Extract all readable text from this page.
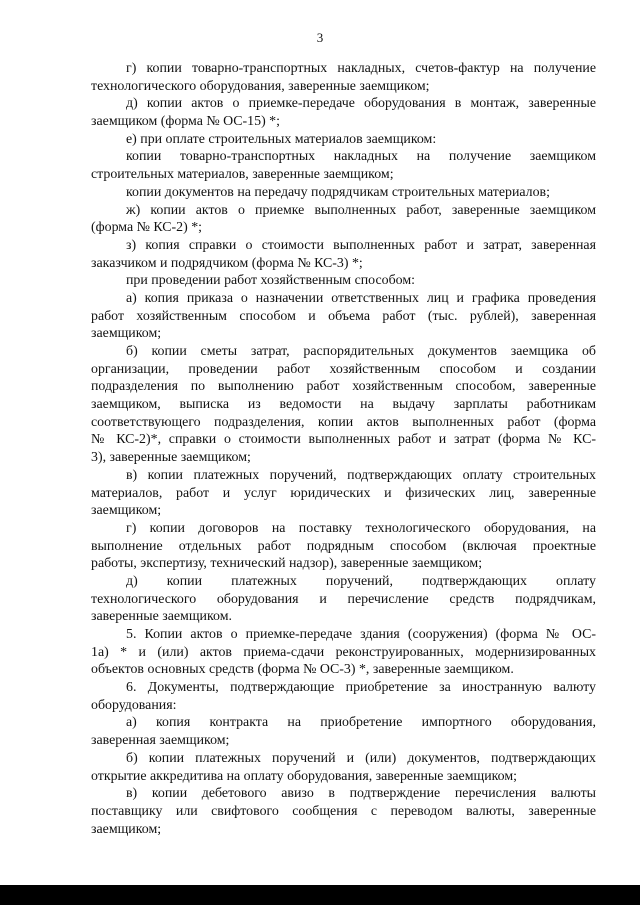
3
г) копии товарно-транспортных накладных, счетов-фактур на получение
технологического оборудования, заверенные заемщиком;
д) копии актов о приемке-передаче оборудования в монтаж, заверенные
заемщиком (форма № ОС-15) *;
е) при оплате строительных материалов заемщиком:
копии товарно-транспортных накладных на получение заемщиком
строительных материалов, заверенные заемщиком;
копии документов на передачу подрядчикам строительных материалов;
ж) копии актов о приемке выполненных работ, заверенные заемщиком
(форма № КС-2) *;
з) копия справки о стоимости выполненных работ и затрат, заверенная
заказчиком и подрядчиком (форма № КС-3) *;
при проведении работ хозяйственным способом:
а) копия приказа о назначении ответственных лиц и графика проведения
работ хозяйственным способом и объема работ (тыс. рублей), заверенная
заемщиком;
б) копии сметы затрат, распорядительных документов заемщика об
организации, проведении работ хозяйственным способом и создании
подразделения по выполнению работ хозяйственным способом, заверенные
заемщиком, выписка из ведомости на выдачу зарплаты работникам
соответствующего подразделения, копии актов выполненных работ (форма
№ КС-2)*, справки о стоимости выполненных работ и затрат (форма № КС-
3), заверенные заемщиком;
в) копии платежных поручений, подтверждающих оплату строительных
материалов, работ и услуг юридических и физических лиц, заверенные
заемщиком;
г) копии договоров на поставку технологического оборудования, на
выполнение отдельных работ подрядным способом (включая проектные
работы, экспертизу, технический надзор), заверенные заемщиком;
д) копии платежных поручений, подтверждающих оплату
технологического оборудования и перечисление средств подрядчикам,
заверенные заемщиком.
5. Копии актов о приемке-передаче здания (сооружения) (форма № ОС-
1а) * и (или) актов приема-сдачи реконструированных, модернизированных
объектов основных средств (форма № ОС-3) *, заверенные заемщиком.
6. Документы, подтверждающие приобретение за иностранную валюту
оборудования:
а) копия контракта на приобретение импортного оборудования,
заверенная заемщиком;
б) копии платежных поручений и (или) документов, подтверждающих
открытие аккредитива на оплату оборудования, заверенные заемщиком;
в) копии дебетового авизо в подтверждение перечисления валюты
поставщику или свифтового сообщения с переводом валюты, заверенные
заемщиком;
